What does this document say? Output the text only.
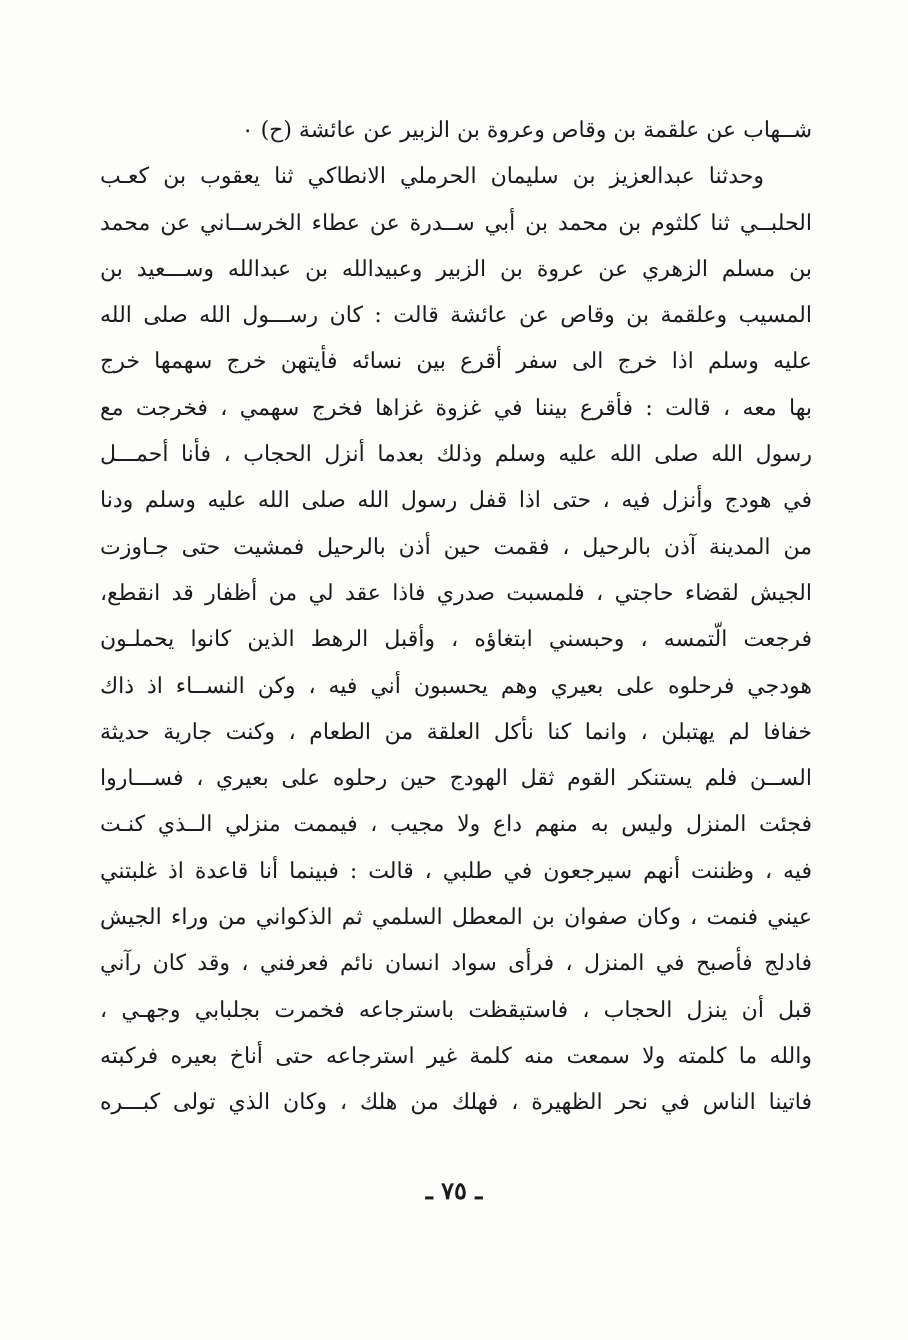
شــهاب عن علقمة بن وقاص وعروة بن الزبير عن عائشة (ح) ٠
وحدثنا عبدالعزيز بن سليمان الحرملي الانطاكي ثنا يعقوب بن كعـب
الحلبــي ثنا كلثوم بن محمد بن أبي ســدرة عن عطاء الخرســاني عن محمد
بن مسلم الزهري عن عروة بن الزبير وعبيدالله بن عبدالله وســـعيد بن
المسيب وعلقمة بن وقاص عن عائشة قالت : كان رســـول الله صلى الله
عليه وسلم اذا خرج الى سفر أقرع بين نسائه فأيتهن خرج سهمها خرج
بها معه ، قالت : فأقرع بيننا في غزوة غزاها فخرج سهمي ، فخرجت مع
رسول الله صلى الله عليه وسلم وذلك بعدما أنزل الحجاب ، فأنا أحمـــل
في هودج وأنزل فيه ، حتى اذا قفل رسول الله صلى الله عليه وسلم ودنا
من المدينة آذن بالرحيل ، فقمت حين أذن بالرحيل فمشيت حتى جـاوزت
الجيش لقضاء حاجتي ، فلمسبت صدري فاذا عقد لي من أظفار قد انقطع،
فرجعت الّتمسه ، وحبسني ابتغاؤه ، وأقبل الرهط الذين كانوا يحملـون
هودجي فرحلوه على بعيري وهم يحسبون أني فيه ، وكن النســاء اذ ذاك
خفافا لم يهتبلن ، وانما كنا نأكل العلقة من الطعام ، وكنت جارية حديثة
الســن فلم يستنكر القوم ثقل الهودج حين رحلوه على بعيري ، فســـاروا
فجئت المنزل وليس به منهم داع ولا مجيب ، فيممت منزلي الــذي كنـت
فيه ، وظننت أنهم سيرجعون في طلبي ، قالت : فبينما أنا قاعدة اذ غلبتني
عيني فنمت ، وكان صفوان بن المعطل السلمي ثم الذكواني من وراء الجيش
فادلج فأصبح في المنزل ، فرأى سواد انسان نائم فعرفني ، وقد كان رآني
قبل أن ينزل الحجاب ، فاستيقظت باسترجاعه فخمرت بجلبابي وجهـي ،
والله ما كلمته ولا سمعت منه كلمة غير استرجاعه حتى أناخ بعيره فركبته
فاتينا الناس في نحر الظهيرة ، فهلك من هلك ، وكان الذي تولى كبـــره
ـ ٧٥ ـ
